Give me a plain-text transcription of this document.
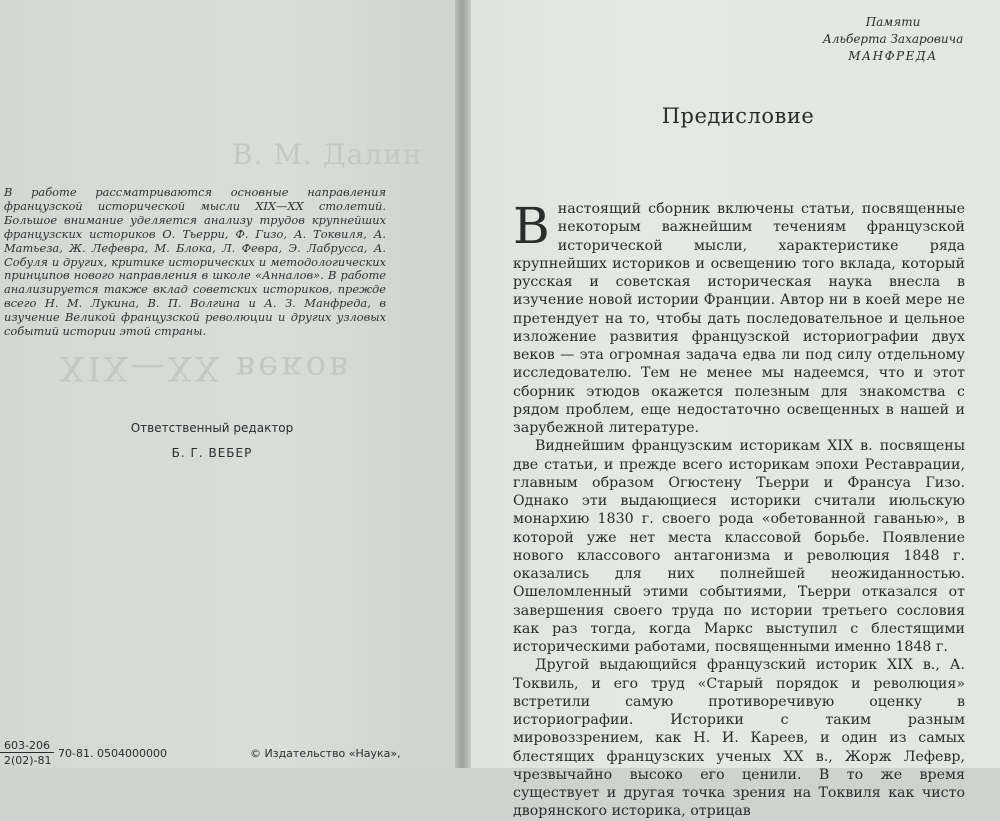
В. М. Далин
XIX—XX веков
В работе рассматриваются основные направления французской исторической мысли XIX—XX столетий. Большое внимание уделяется анализу трудов крупнейших французских историков О. Тьерри, Ф. Гизо, А. Токвиля, А. Матьеза, Ж. Лефевра, М. Блока, Л. Февра, Э. Лабрусса, А. Собуля и других, критике исторических и методологических принципов нового направления в школе «Анналов». В работе анализируется также вклад советских историков, прежде всего Н. М. Лукина, В. П. Волгина и А. З. Манфреда, в изучение Великой французской революции и других узловых событий истории этой страны.
Ответственный редактор
Б. Г. ВЕБЕР
603-206
2(02)-81
70-81. 0504000000	© Издательство «Наука»,
Памяти
Альберта Захаровича
МАНФРЕДА
Предисловие

Внастоящий сборник включены статьи, посвященные некоторым важнейшим течениям французской исторической мысли, характеристике ряда крупнейших историков и освещению того вклада, который русская и советская историческая наука внесла в изучение новой истории Франции. Автор ни в коей мере не претендует на то, чтобы дать последовательное и цельное изложение развития французской историографии двух веков — эта огромная задача едва ли под силу отдельному исследователю. Тем не менее мы надеемся, что и этот сборник этюдов окажется полезным для знакомства с рядом проблем, еще недостаточно освещенных в нашей и зарубежной литературе.

Виднейшим французским историкам XIX в. посвящены две статьи, и прежде всего историкам эпохи Реставрации, главным образом Огюстену Тьерри и Франсуа Гизо. Однако эти выдающиеся историки считали июльскую монархию 1830 г. своего рода «обетованной гаванью», в которой уже нет места классовой борьбе. Появление нового классового антагонизма и революция 1848 г. оказались для них полнейшей неожиданностью. Ошеломленный этими событиями, Тьерри отказался от завершения своего труда по истории третьего сословия как раз тогда, когда Маркс выступил с блестящими историческими работами, посвященными именно 1848 г.

Другой выдающийся французский историк XIX в., А. Токвиль, и его труд «Старый порядок и революция» встретили самую противоречивую оценку в историографии. Историки с таким разным мировоззрением, как Н. И. Кареев, и один из самых блестящих французских ученых XX в., Жорж Лефевр, чрезвычайно высоко его ценили. В то же время существует и другая точка зрения на Токвиля как чисто дворянского историка, отрицав
